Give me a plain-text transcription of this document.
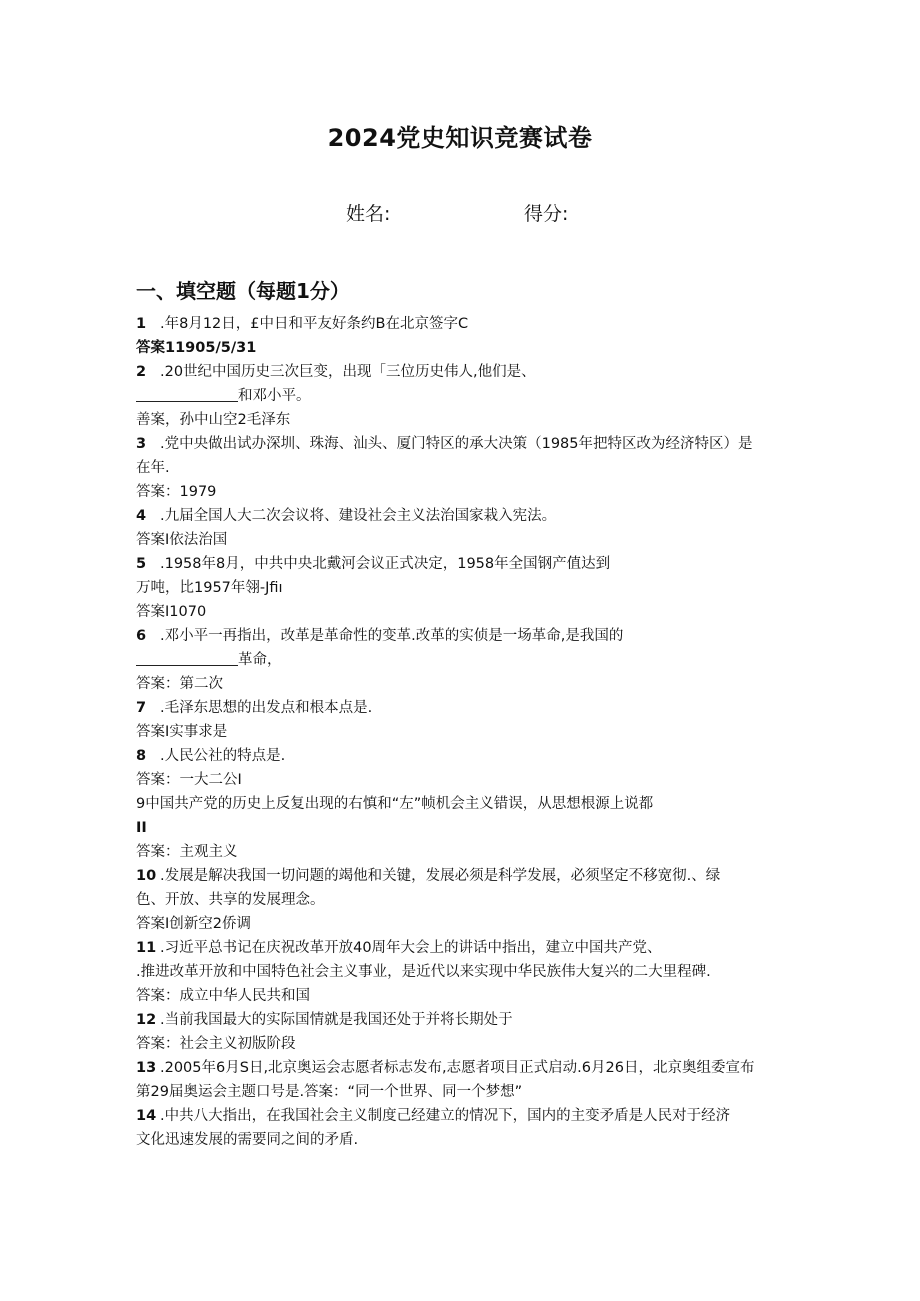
2024党史知识竞赛试卷
姓名:	得分:
一、填空题（每题1分）
1 .年8月12日，£中日和平友好条约B在北京签字C
答案11905/5/31
2 .20世纪中国历史三次巨变，出现「三位历史伟人,他们是、
和邓小平。
善案，孙中山空2毛泽东
3 .党中央做出试办深圳、珠海、汕头、厦门特区的承大决策（1985年把特区改为经济特区）是
在年.
答案：1979
4 .九届全国人大二次会议将、建设社会主义法治国家栽入宪法。
答案I依法治国
5 .1958年8月，中共中央北戴河会议正式决定，1958年全国钢产值达到
万吨，比1957年翎-Jfiı
答案I1070
6 .邓小平一再指出，改革是革命性的变革.改革的实侦是一场革命,是我国的
革命，
答案：第二次
7 .毛泽东思想的出发点和根本点是.
答案I实事求是
8 .人民公社的特点是.
答案：一大二公I
9中国共产党的历史上反复出现的右慎和“左”帧机会主义错误，从思想根源上说都
II
答案：主观主义
10 .发展是解决我国一切问题的竭他和关键，发展必须是科学发展，必须坚定不移宽彻.、绿
色、开放、共享的发展理念。
答案I创新空2侨调
11 .习近平总书记在庆祝改革开放40周年大会上的讲话中指出，建立中国共产党、
.推进改革开放和中国特色社会主义事业，是近代以来实现中华民族伟大复兴的二大里程碑.
答案：成立中华人民共和国
12 .当前我国最大的实际国情就是我国还处于并将长期处于
答案：社会主义初版阶段
13 .2005年6月S日,北京奥运会志愿者标志发布,志愿者项目正式启动.6月26日，北京奥组委宣布
第29届奥运会主题口号是.答案：“同一个世界、同一个梦想”
14 .中共八大指出，在我国社会主义制度己经建立的情况下，国内的主变矛盾是人民对于经济
文化迅速发展的需要同之间的矛盾.
